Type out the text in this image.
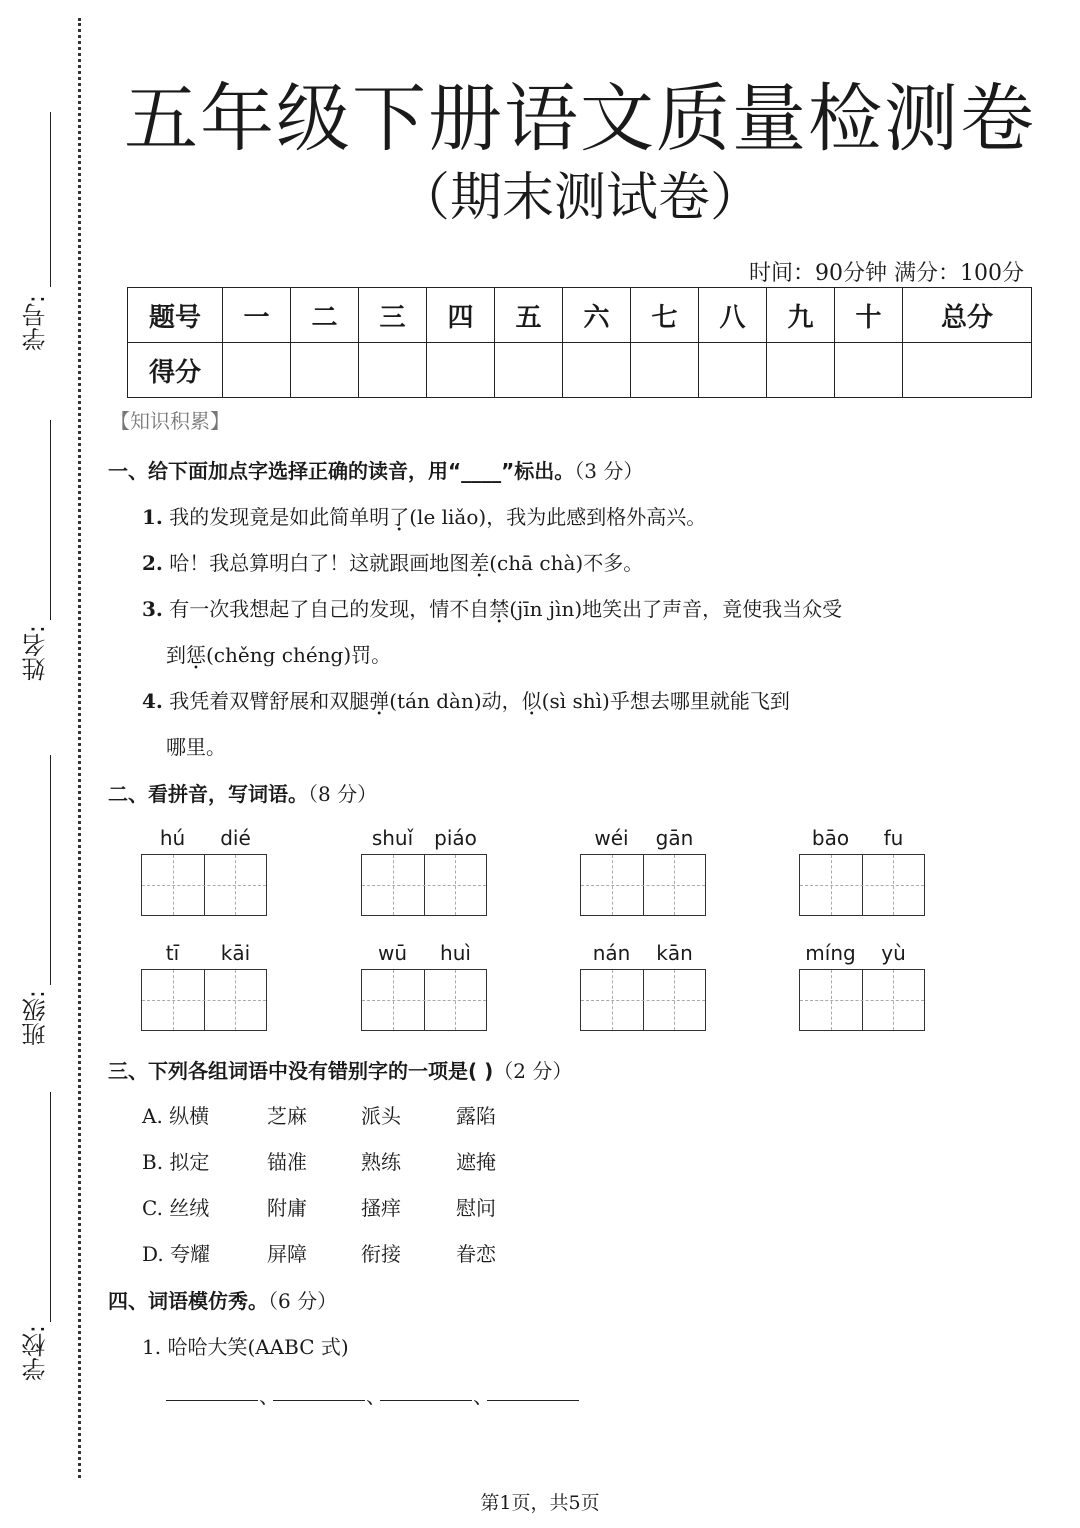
学号:
姓名:
班级:
学校:
五年级下册语文质量检测卷
（期末测试卷）
时间：90分钟 满分：100分
题号	一	二	三	四	五	六	七	八	九	十	总分
得分											
【知识积累】
一、给下面加点字选择正确的读音，用“____”标出。（3 分）
1. 我的发现竟是如此简单明了(le liǎo)，我为此感到格外高兴。
2. 哈！我总算明白了！这就跟画地图差(chā chà)不多。
3. 有一次我想起了自己的发现，情不自禁(jīn jìn)地笑出了声音，竟使我当众受
到惩(chěng chéng)罚。
4. 我凭着双臂舒展和双腿弹(tán dàn)动，似(sì shì)乎想去哪里就能飞到
哪里。
二、看拼音，写词语。（8 分）
hú	dié	shuǐ	piáo	wéi	gān	bāo	fu
tī	kāi	wū	huì	nán	kān	míng	yù
三、下列各组词语中没有错别字的一项是( )（2 分）
A. 纵横	芝麻	派头	露陷
B. 拟定	锚准	熟练	遮掩
C. 丝绒	附庸	搔痒	慰问
D. 夸耀	屏障	衔接	眷恋
四、词语模仿秀。（6 分）
1. 哈哈大笑(AABC 式)
、	、	、
第1页，共5页
